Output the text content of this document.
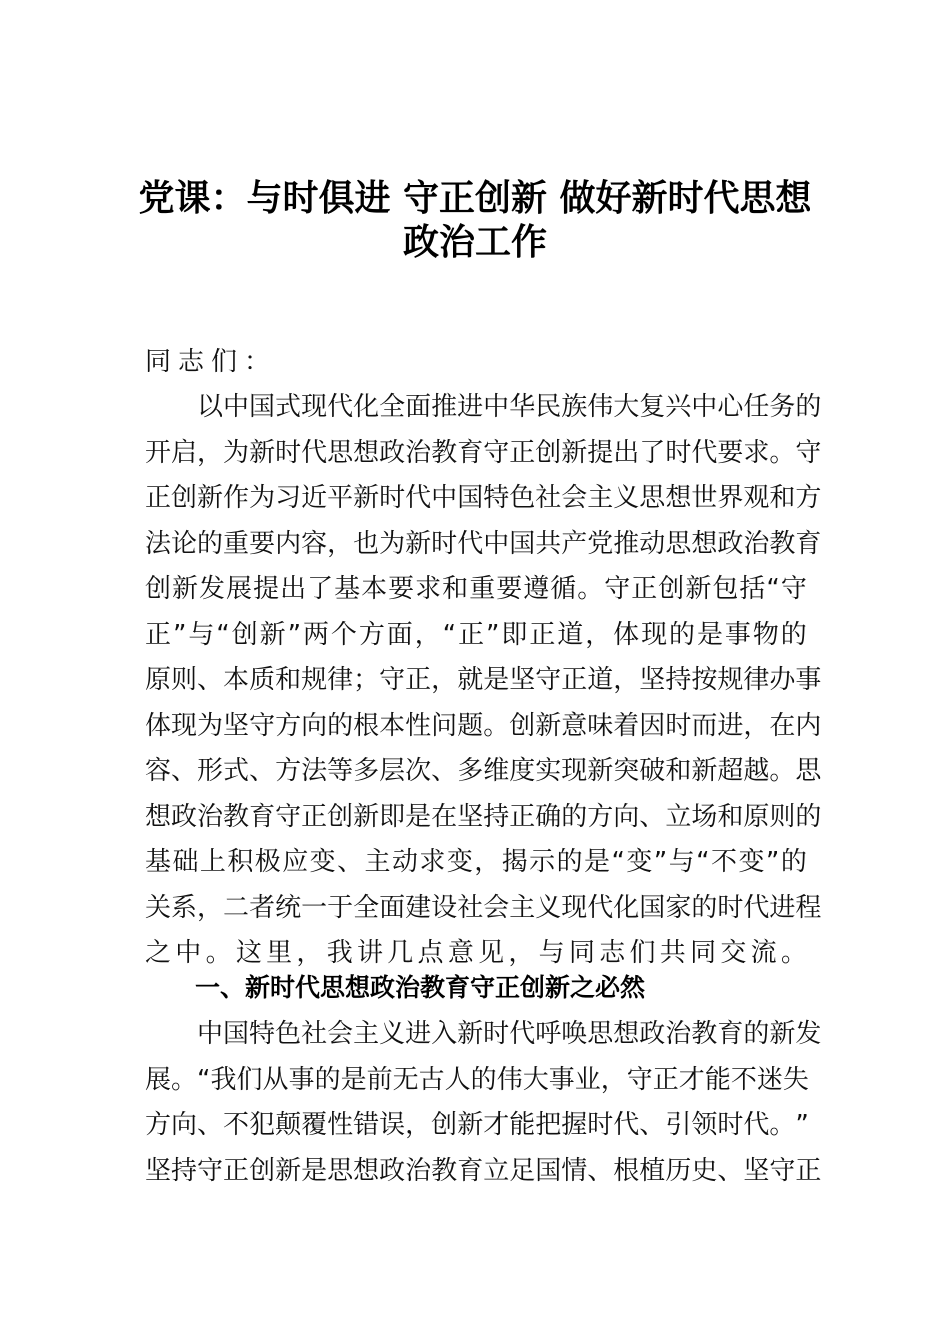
党课：与时俱进 守正创新 做好新时代思想
政治工作
同 志 们 ：
以 中 国 式 现 代 化 全 面 推 进 中 华 民 族 伟 大 复 兴 中 心 任 务 的
开 启 ， 为 新 时 代 思 想 政 治 教 育 守 正 创 新 提 出 了 时 代 要 求 。 守
正 创 新 作 为 习 近 平 新 时 代 中 国 特 色 社 会 主 义 思 想 世 界 观 和 方
法 论 的 重 要 内 容 ， 也 为 新 时 代 中 国 共 产 党 推 动 思 想 政 治 教 育
创 新 发 展 提 出 了 基 本 要 求 和 重 要 遵 循 。 守 正 创 新 包 括 “ 守
正 ” 与 “ 创 新 ” 两 个 方 面 ， “ 正 ” 即 正 道 ， 体 现 的 是 事 物 的
原 则 、 本 质 和 规 律 ； 守 正 ， 就 是 坚 守 正 道 ， 坚 持 按 规 律 办 事
体 现 为 坚 守 方 向 的 根 本 性 问 题 。 创 新 意 味 着 因 时 而 进 ， 在 内
容 、 形 式 、 方 法 等 多 层 次 、 多 维 度 实 现 新 突 破 和 新 超 越 。 思
想 政 治 教 育 守 正 创 新 即 是 在 坚 持 正 确 的 方 向 、 立 场 和 原 则 的
基 础 上 积 极 应 变 、 主 动 求 变 ， 揭 示 的 是 “ 变 ” 与 “ 不 变 ” 的
关 系 ， 二 者 统 一 于 全 面 建 设 社 会 主 义 现 代 化 国 家 的 时 代 进 程
之 中 。 这 里 ， 我 讲 几 点 意 见 ， 与 同 志 们 共 同 交 流 。
一、新时代思想政治教育守正创新之必然
中 国 特 色 社 会 主 义 进 入 新 时 代 呼 唤 思 想 政 治 教 育 的 新 发
展 。 “ 我 们 从 事 的 是 前 无 古 人 的 伟 大 事 业 ， 守 正 才 能 不 迷 失
方 向 、 不 犯 颠 覆 性 错 误 ， 创 新 才 能 把 握 时 代 、 引 领 时 代 。 ”
坚 持 守 正 创 新 是 思 想 政 治 教 育 立 足 国 情 、 根 植 历 史 、 坚 守 正
